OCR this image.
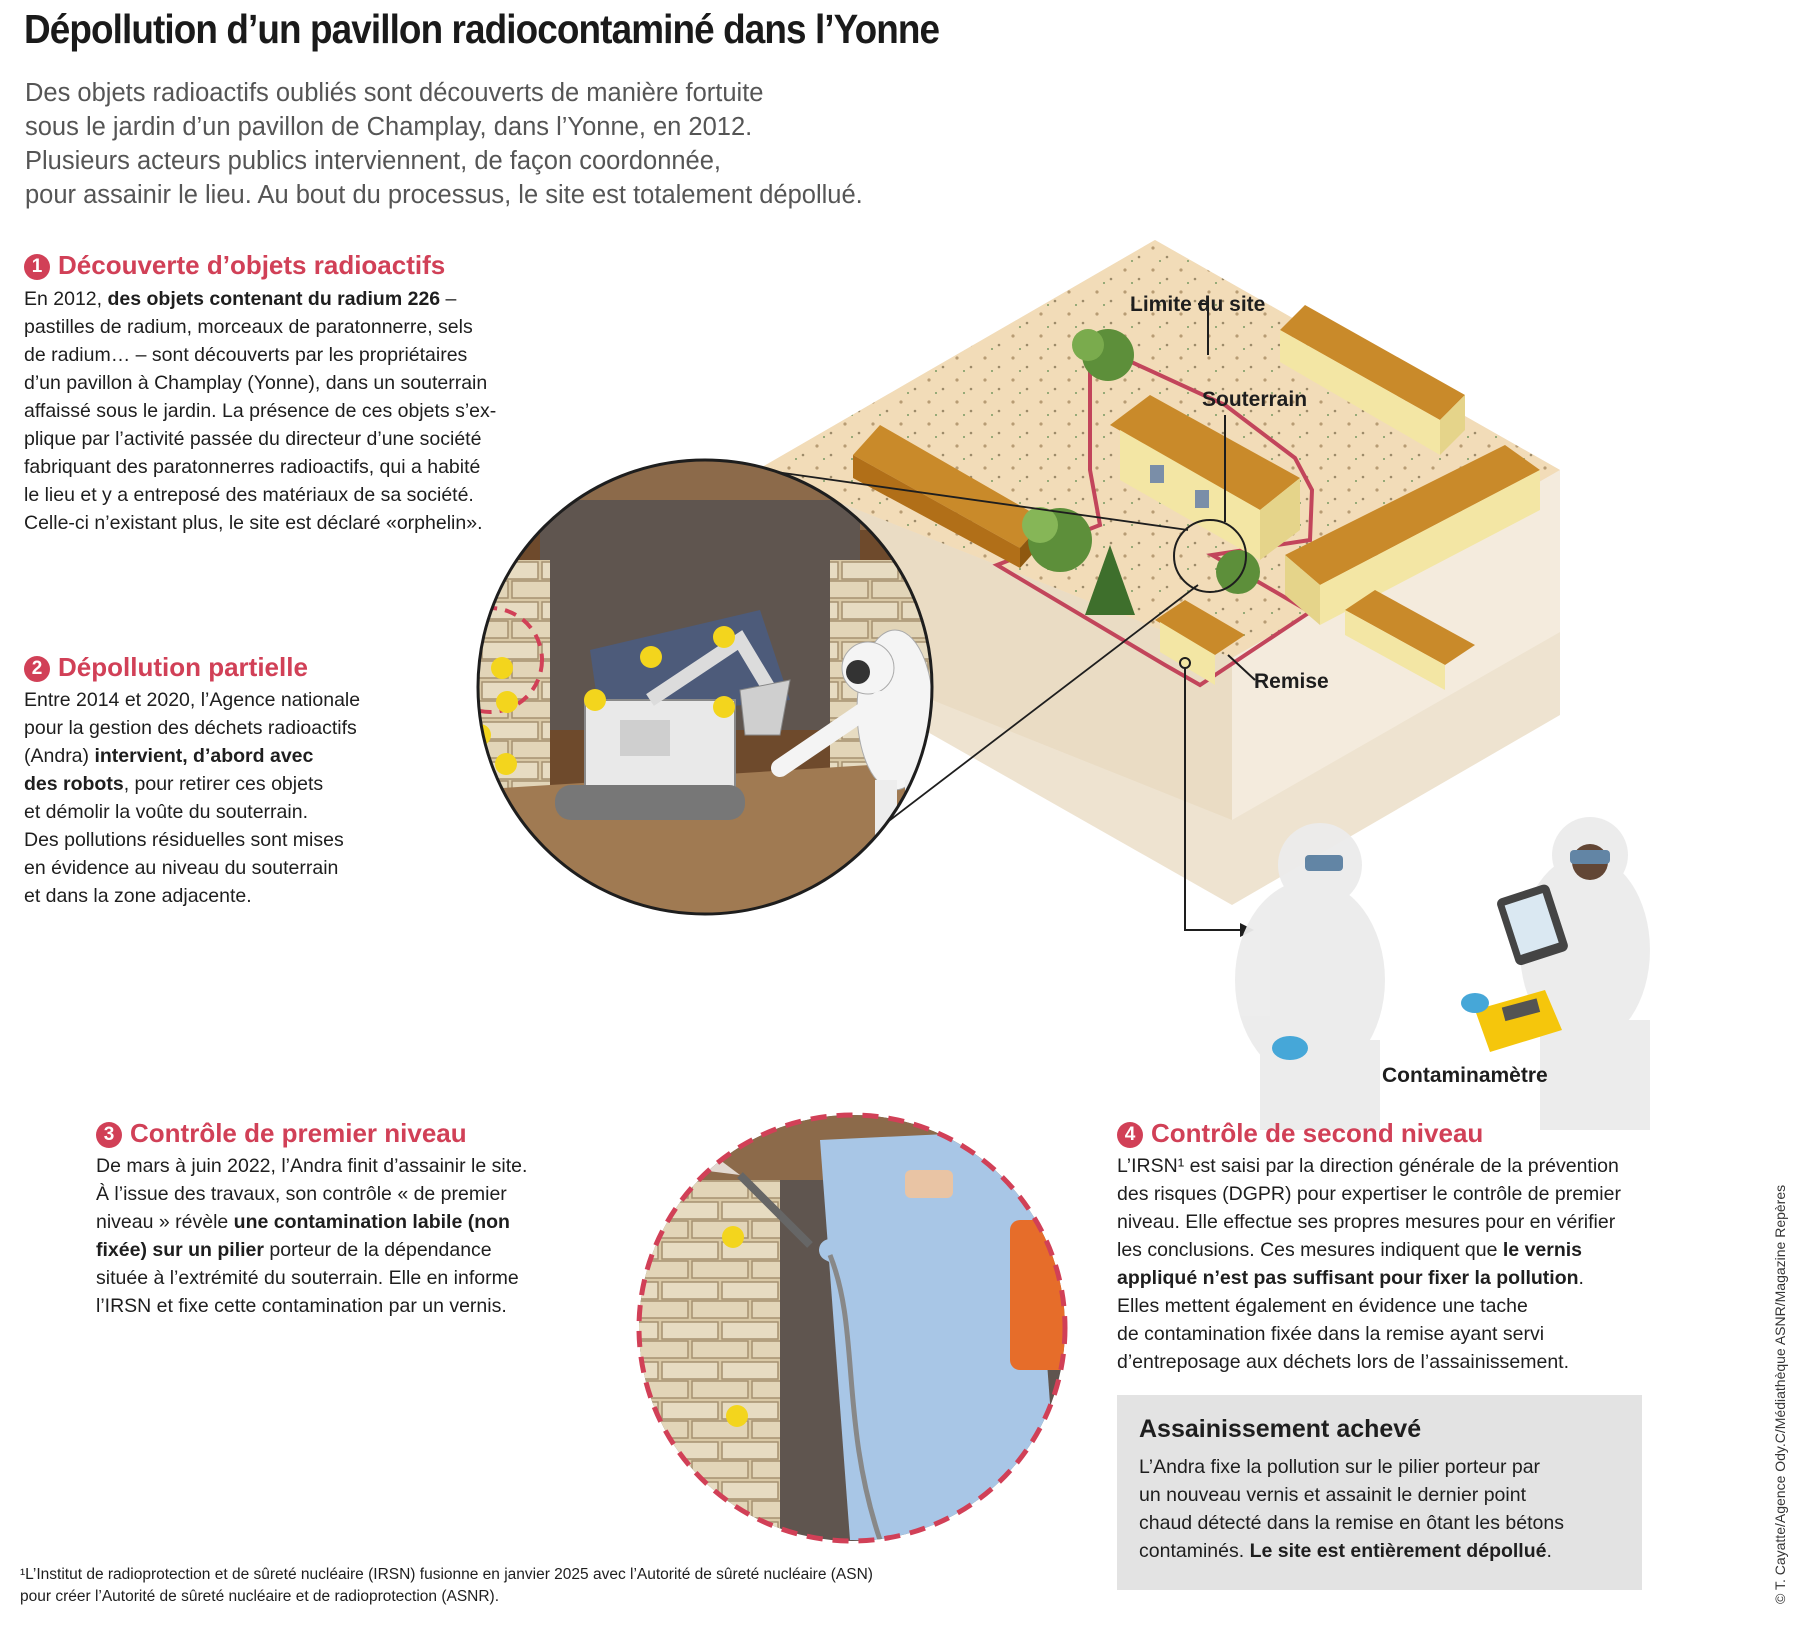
Dépollution d’un pavillon radiocontaminé dans l’Yonne
Des objets radioactifs oubliés sont découverts de manière fortuite
sous le jardin d’un pavillon de Champlay, dans l’Yonne, en 2012.
Plusieurs acteurs publics interviennent, de façon coordonnée,
pour assainir le lieu. Au bout du processus, le site est totalement dépollué.
1 Découverte d’objets radioactifs
En 2012, des objets contenant du radium 226 –
pastilles de radium, morceaux de paratonnerre, sels
de radium… – sont découverts par les propriétaires
d’un pavillon à Champlay (Yonne), dans un souterrain
affaissé sous le jardin. La présence de ces objets s’ex-
plique par l’activité passée du directeur d’une société
fabriquant des paratonnerres radioactifs, qui a habité
le lieu et y a entreposé des matériaux de sa société.
Celle-ci n’existant plus, le site est déclaré «orphelin».
2 Dépollution partielle
Entre 2014 et 2020, l’Agence nationale
pour la gestion des déchets radioactifs
(Andra) intervient, d’abord avec
des robots, pour retirer ces objets
et démolir la voûte du souterrain.
Des pollutions résiduelles sont mises
en évidence au niveau du souterrain
et dans la zone adjacente.
3 Contrôle de premier niveau
De mars à juin 2022, l’Andra finit d’assainir le site.
À l’issue des travaux, son contrôle « de premier
niveau » révèle une contamination labile (non
fixée) sur un pilier porteur de la dépendance
située à l’extrémité du souterrain. Elle en informe
l’IRSN et fixe cette contamination par un vernis.
4 Contrôle de second niveau
L’IRSN¹ est saisi par la direction générale de la prévention
des risques (DGPR) pour expertiser le contrôle de premier
niveau. Elle effectue ses propres mesures pour en vérifier
les conclusions. Ces mesures indiquent que le vernis
appliqué n’est pas suffisant pour fixer la pollution.
Elles mettent également en évidence une tache
de contamination fixée dans la remise ayant servi
d’entreposage aux déchets lors de l’assainissement.
Limite du site
Souterrain
Remise
Contaminamètre
Assainissement achevé
L’Andra fixe la pollution sur le pilier porteur par
un nouveau vernis et assainit le dernier point
chaud détecté dans la remise en ôtant les bétons
contaminés. Le site est entièrement dépollué.
¹L’Institut de radioprotection et de sûreté nucléaire (IRSN) fusionne en janvier 2025 avec l’Autorité de sûreté nucléaire (ASN)
pour créer l’Autorité de sûreté nucléaire et de radioprotection (ASNR).	© T. Cayatte/Agence Ody.C/Médiathèque ASNR/Magazine Repères
